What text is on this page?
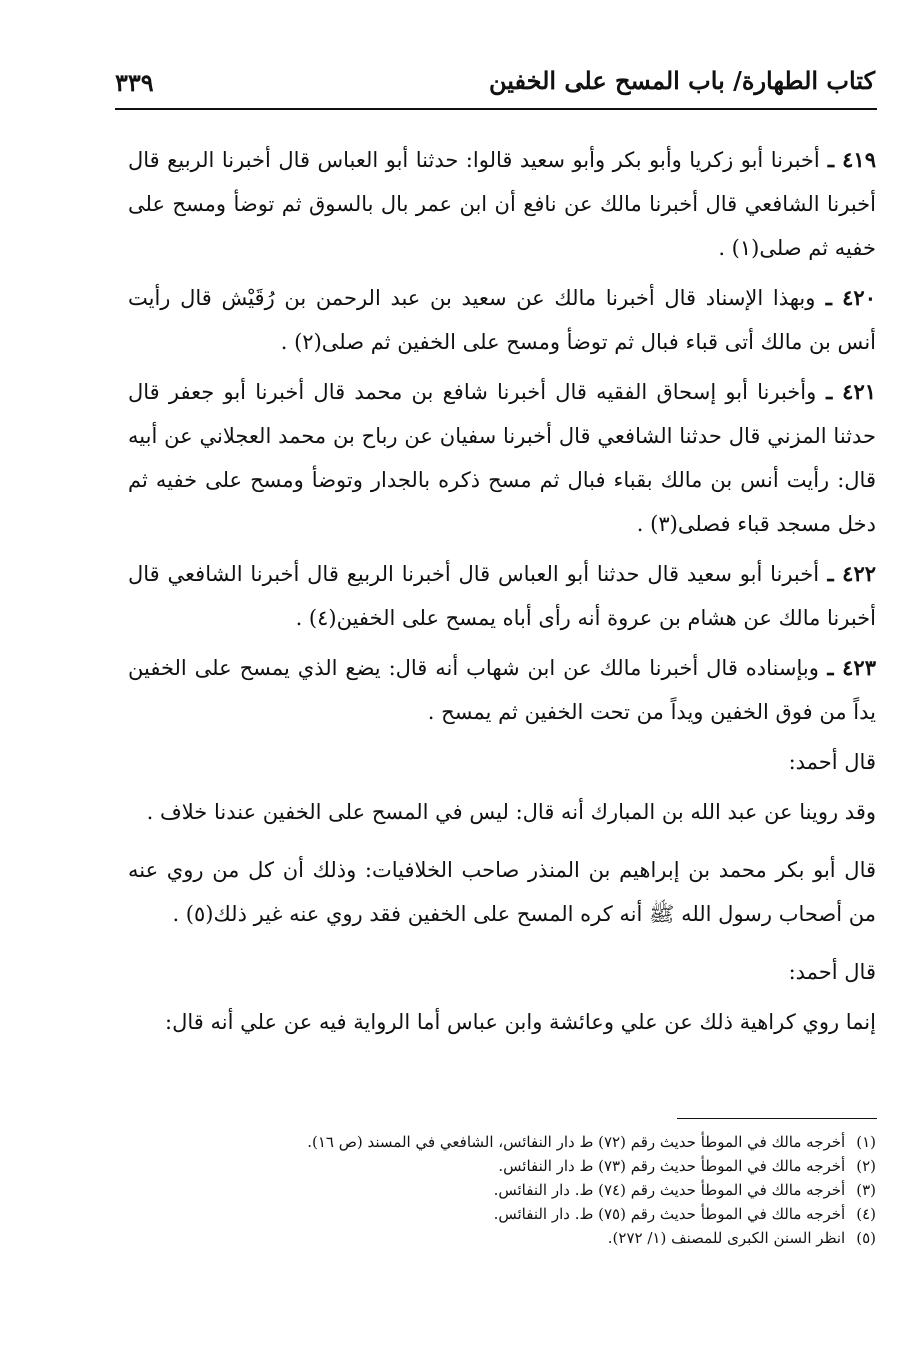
كتاب الطهارة/ باب المسح على الخفين
٣٣٩

٤١٩ ـ أخبرنا أبو زكريا وأبو بكر وأبو سعيد قالوا: حدثنا أبو العباس قال أخبرنا الربيع قال أخبرنا الشافعي قال أخبرنا مالك عن نافع أن ابن عمر بال بالسوق ثم توضأ ومسح على خفيه ثم صلى(١) .

٤٢٠ ـ وبهذا الإسناد قال أخبرنا مالك عن سعيد بن عبد الرحمن بن رُقَيْش قال رأيت أنس بن مالك أتى قباء فبال ثم توضأ ومسح على الخفين ثم صلى(٢) .

٤٢١ ـ وأخبرنا أبو إسحاق الفقيه قال أخبرنا شافع بن محمد قال أخبرنا أبو جعفر قال حدثنا المزني قال حدثنا الشافعي قال أخبرنا سفيان عن رباح بن محمد العجلاني عن أبيه قال: رأيت أنس بن مالك بقباء فبال ثم مسح ذكره بالجدار وتوضأ ومسح على خفيه ثم دخل مسجد قباء فصلى(٣) .

٤٢٢ ـ أخبرنا أبو سعيد قال حدثنا أبو العباس قال أخبرنا الربيع قال أخبرنا الشافعي قال أخبرنا مالك عن هشام بن عروة أنه رأى أباه يمسح على الخفين(٤) .

٤٢٣ ـ وبإسناده قال أخبرنا مالك عن ابن شهاب أنه قال: يضع الذي يمسح على الخفين يداً من فوق الخفين ويداً من تحت الخفين ثم يمسح .

قال أحمد:

وقد روينا عن عبد الله بن المبارك أنه قال: ليس في المسح على الخفين عندنا خلاف .

قال أبو بكر محمد بن إبراهيم بن المنذر صاحب الخلافيات: وذلك أن كل من روي عنه من أصحاب رسول الله ﷺ أنه كره المسح على الخفين فقد روي عنه غير ذلك(٥) .

قال أحمد:

إنما روي كراهية ذلك عن علي وعائشة وابن عباس أما الرواية فيه عن علي أنه قال:

(١) أخرجه مالك في الموطأ حديث رقم (٧٢) ط دار النفائس، الشافعي في المسند (ص ١٦).
(٢) أخرجه مالك في الموطأ حديث رقم (٧٣) ط دار النفائس.
(٣) أخرجه مالك في الموطأ حديث رقم (٧٤) ط. دار النفائس.
(٤) أخرجه مالك في الموطأ حديث رقم (٧٥) ط. دار النفائس.
(٥) انظر السنن الكبرى للمصنف (١/ ٢٧٢).
